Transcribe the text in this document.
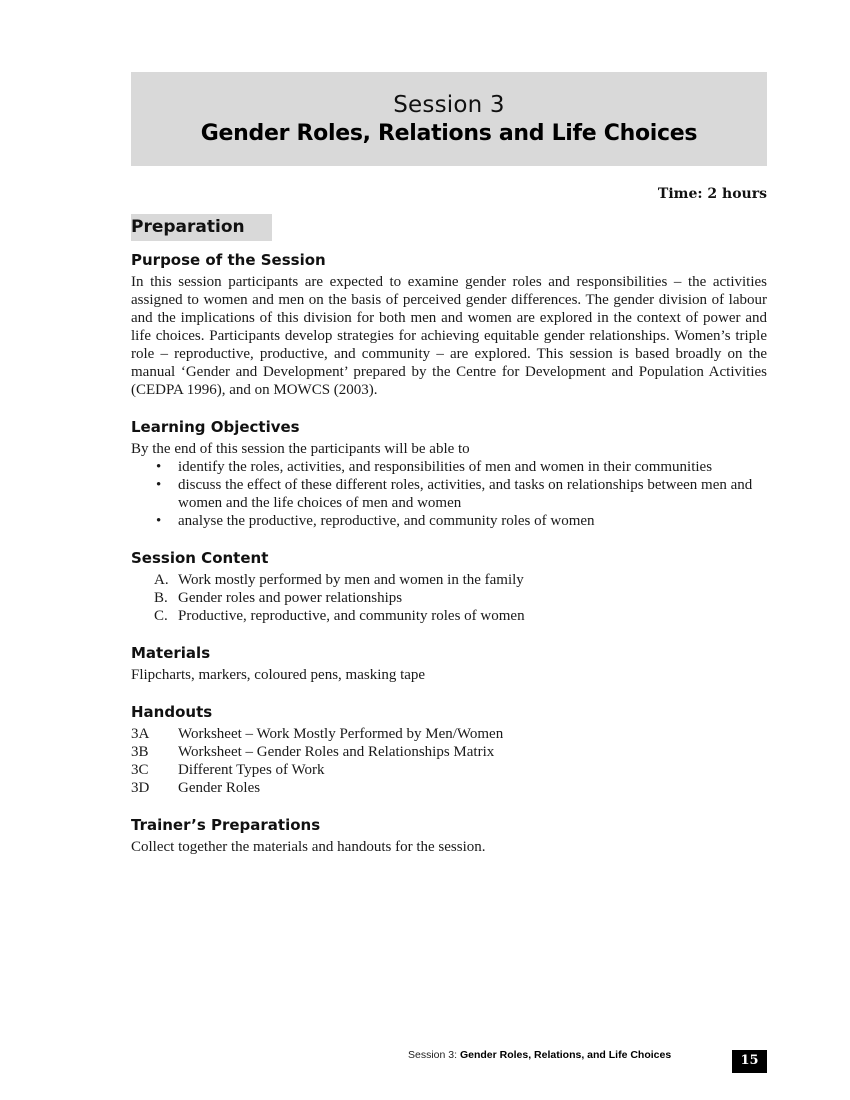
Session 3
Gender Roles, Relations and Life Choices
Time: 2 hours
Preparation
Purpose of the Session

In this session participants are expected to examine gender roles and responsibilities – the activities assigned to women and men on the basis of perceived gender differences. The gender division of labour and the implications of this division for both men and women are explored in the context of power and life choices. Participants develop strategies for achieving equitable gender relationships. Women’s triple role – reproductive, productive, and community – are explored. This session is based broadly on the manual ‘Gender and Development’ prepared by the Centre for Development and Population Activities (CEDPA 1996), and on MOWCS (2003).

Learning Objectives

By the end of this session the participants will be able to

• identify the roles, activities, and responsibilities of men and women in their communities
• discuss the effect of these different roles, activities, and tasks on relationships between men and women and the life choices of men and women
• analyse the productive, reproductive, and community roles of women
Session Content
A. Work mostly performed by men and women in the family
B. Gender roles and power relationships
C. Productive, reproductive, and community roles of women
Materials

Flipcharts, markers, coloured pens, masking tape

Handouts
3A Worksheet – Work Mostly Performed by Men/Women
3B Worksheet – Gender Roles and Relationships Matrix
3C Different Types of Work
3D Gender Roles
Trainer’s Preparations

Collect together the materials and handouts for the session.

Session 3: Gender Roles, Relations, and Life Choices	15
